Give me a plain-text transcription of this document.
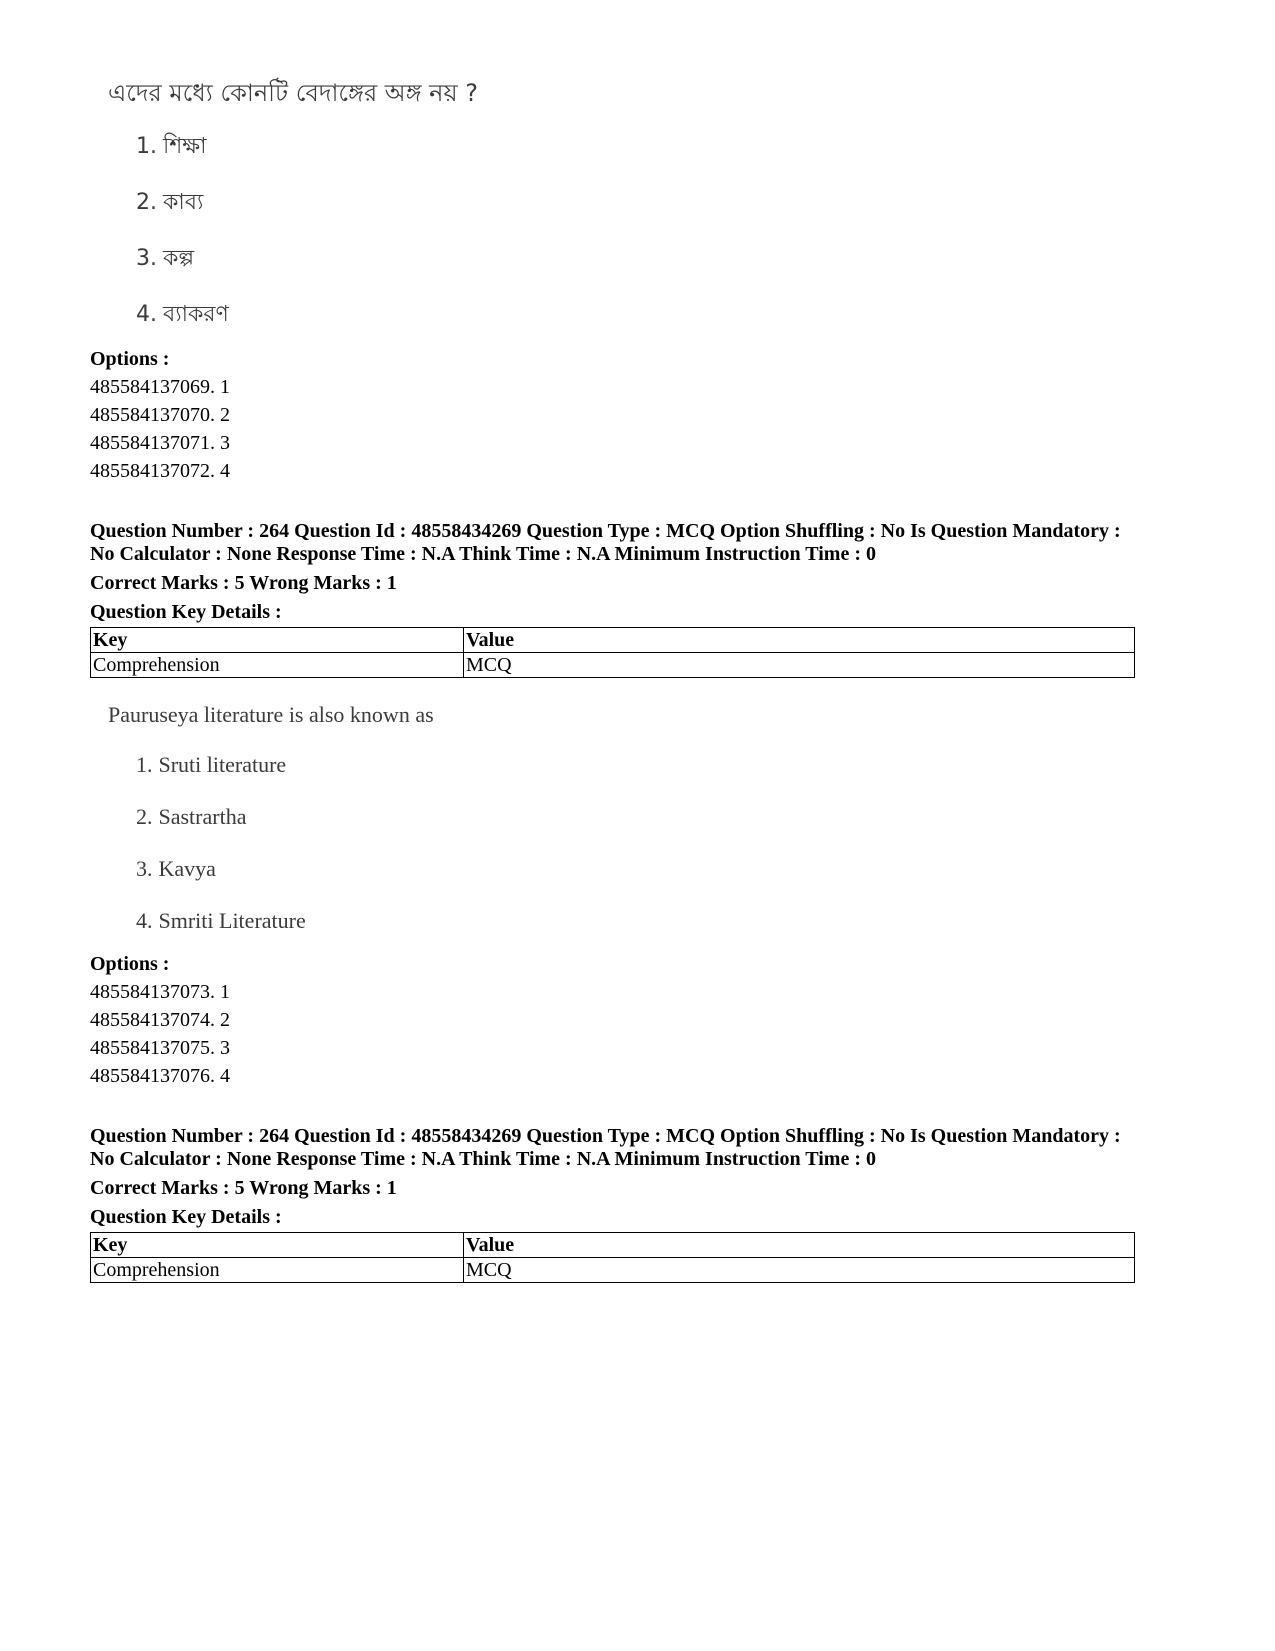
এদের মধ্যে কোনটি বেদাঙ্গের অঙ্গ নয় ?
1. শিক্ষা
2. কাব্য
3. কল্প
4. ব্যাকরণ
Options :
485584137069. 1
485584137070. 2
485584137071. 3
485584137072. 4
Question Number : 264 Question Id : 48558434269 Question Type : MCQ Option Shuffling : No Is Question Mandatory :
No Calculator : None Response Time : N.A Think Time : N.A Minimum Instruction Time : 0
Correct Marks : 5 Wrong Marks : 1
Question Key Details :
Key	Value
Comprehension	MCQ
Pauruseya literature is also known as
1. Sruti literature
2. Sastrartha
3. Kavya
4. Smriti Literature
Options :
485584137073. 1
485584137074. 2
485584137075. 3
485584137076. 4
Question Number : 264 Question Id : 48558434269 Question Type : MCQ Option Shuffling : No Is Question Mandatory :
No Calculator : None Response Time : N.A Think Time : N.A Minimum Instruction Time : 0
Correct Marks : 5 Wrong Marks : 1
Question Key Details :
Key	Value
Comprehension	MCQ
